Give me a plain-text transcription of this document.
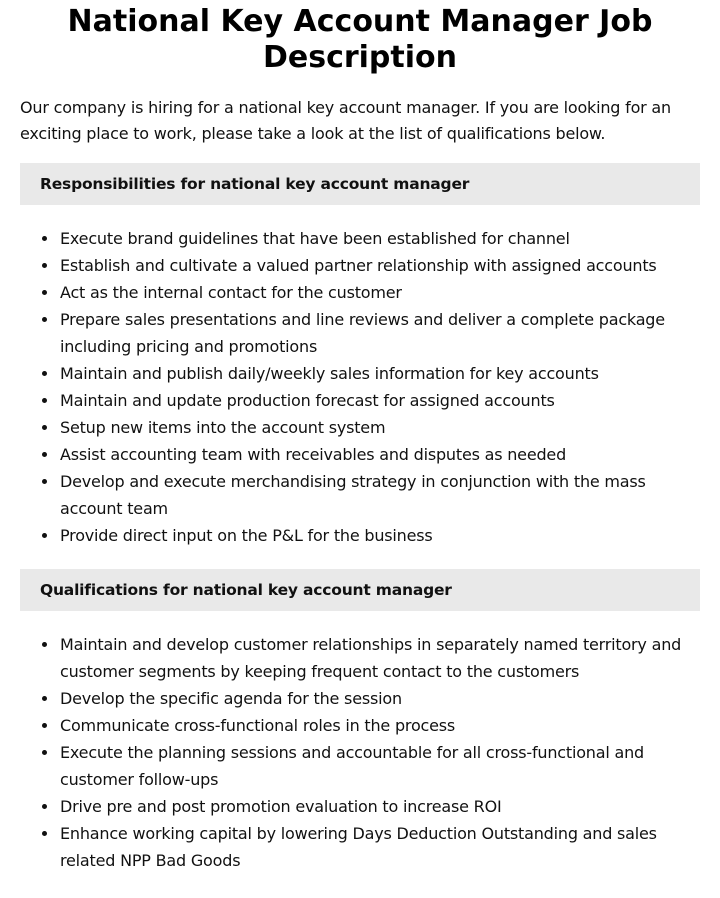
National Key Account Manager Job Description

Our company is hiring for a national key account manager. If you are looking for an exciting place to work, please take a look at the list of qualifications below.

Responsibilities for national key account manager
Execute brand guidelines that have been established for channel
Establish and cultivate a valued partner relationship with assigned accounts
Act as the internal contact for the customer
Prepare sales presentations and line reviews and deliver a complete package including pricing and promotions
Maintain and publish daily/weekly sales information for key accounts
Maintain and update production forecast for assigned accounts
Setup new items into the account system
Assist accounting team with receivables and disputes as needed
Develop and execute merchandising strategy in conjunction with the mass account team
Provide direct input on the P&L for the business
Qualifications for national key account manager
Maintain and develop customer relationships in separately named territory and customer segments by keeping frequent contact to the customers
Develop the specific agenda for the session
Communicate cross-functional roles in the process
Execute the planning sessions and accountable for all cross-functional and customer follow-ups
Drive pre and post promotion evaluation to increase ROI
Enhance working capital by lowering Days Deduction Outstanding and sales related NPP Bad Goods
